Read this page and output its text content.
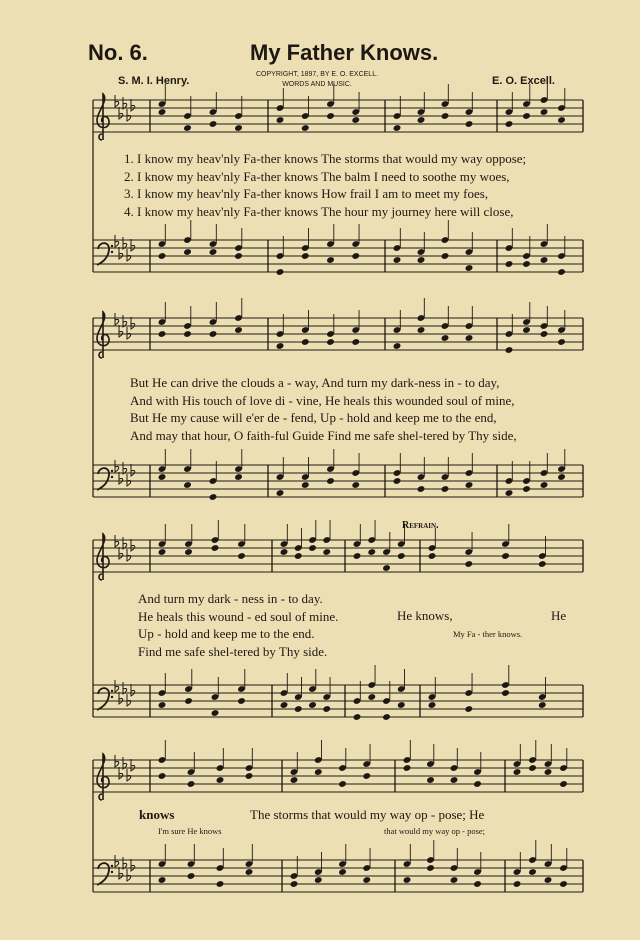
No. 6.	My Father Knows.
S. M. I. Henry.
COPYRIGHT, 1897, BY E. O. EXCELL.
WORDS AND MUSIC.	E. O. Excell.
1. I know my heav'nly Fa-ther knows The storms that would my way oppose;
2. I know my heav'nly Fa-ther knows The balm I need to soothe my woes,
3. I know my heav'nly Fa-ther knows How frail I am to meet my foes,
4. I know my heav'nly Fa-ther knows The hour my journey here will close,
But He can drive the clouds a - way, And turn my dark-ness in - to day,
And with His touch of love di - vine, He heals this wounded soul of mine,
But He my cause will e'er de - fend, Up - hold and keep me to the end,
And may that hour, O faith-ful Guide Find me safe shel-tered by Thy side,
And turn my dark - ness in - to day.
He heals this wound - ed soul of mine.
Up - hold and keep me to the end.
Find me safe shel-tered by Thy side.
Refrain.
He knows,	He
My Fa - ther knows.
knows	The storms that would my way op - pose; He
I'm sure He knows	that would my way op - pose;
